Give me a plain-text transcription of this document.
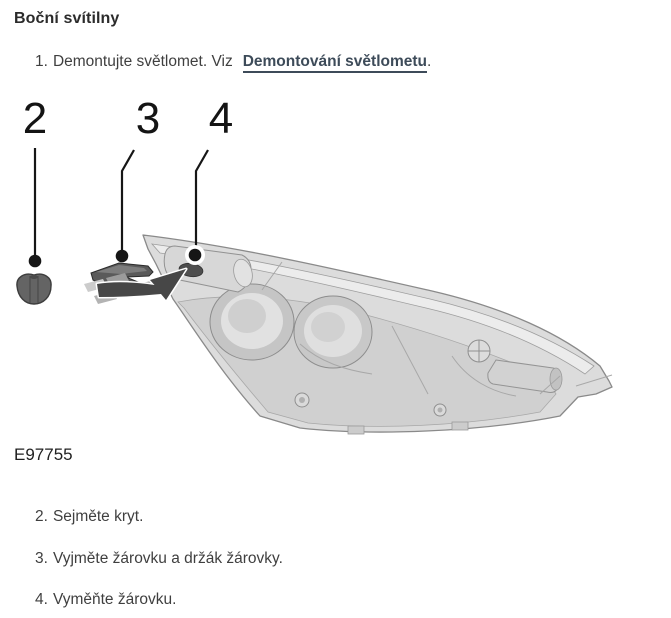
Boční svítilny
1. Demontujte světlomet. Viz Demontování světlometu.
2 3 4
E97755
2. Sejměte kryt.
3. Vyjměte žárovku a držák žárovky.
4. Vyměňte žárovku.
